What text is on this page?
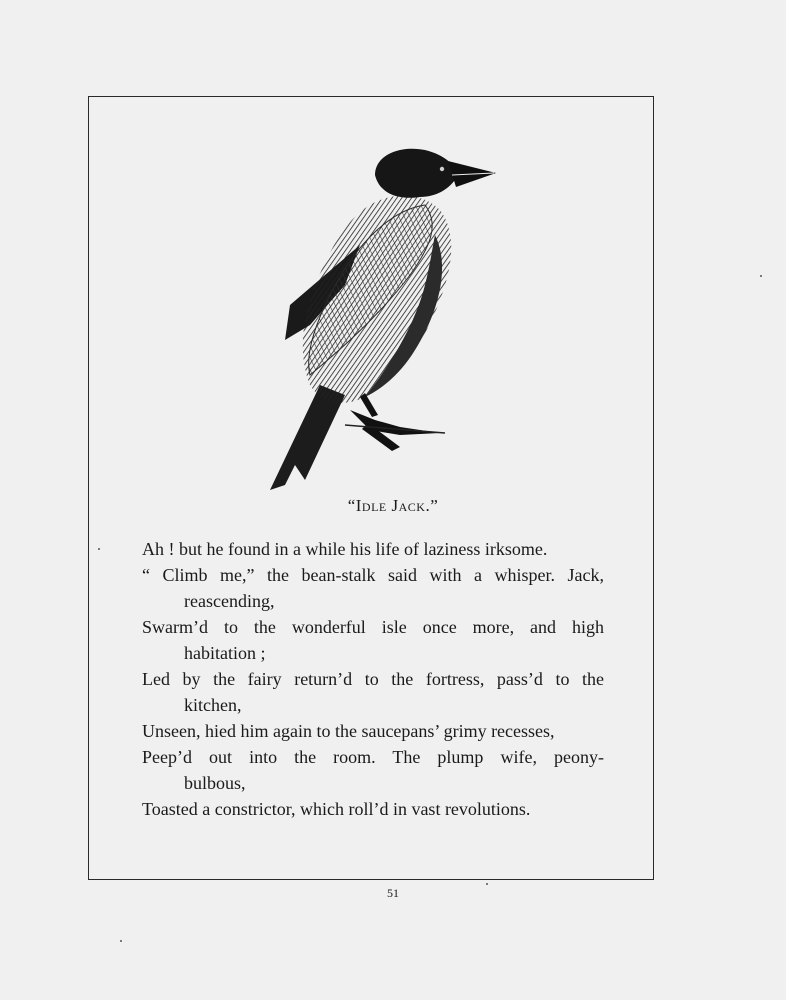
“Idle Jack.”
Ah ! but he found in a while his life of laziness irksome.
“ Climb me,” the bean-stalk said with a whisper. Jack,
reascending,
Swarm’d to the wonderful isle once more, and high
habitation ;
Led by the fairy return’d to the fortress, pass’d to the
kitchen,
Unseen, hied him again to the saucepans’ grimy recesses,
Peep’d out into the room. The plump wife, peony-
bulbous,
Toasted a constrictor, which roll’d in vast revolutions.
51
